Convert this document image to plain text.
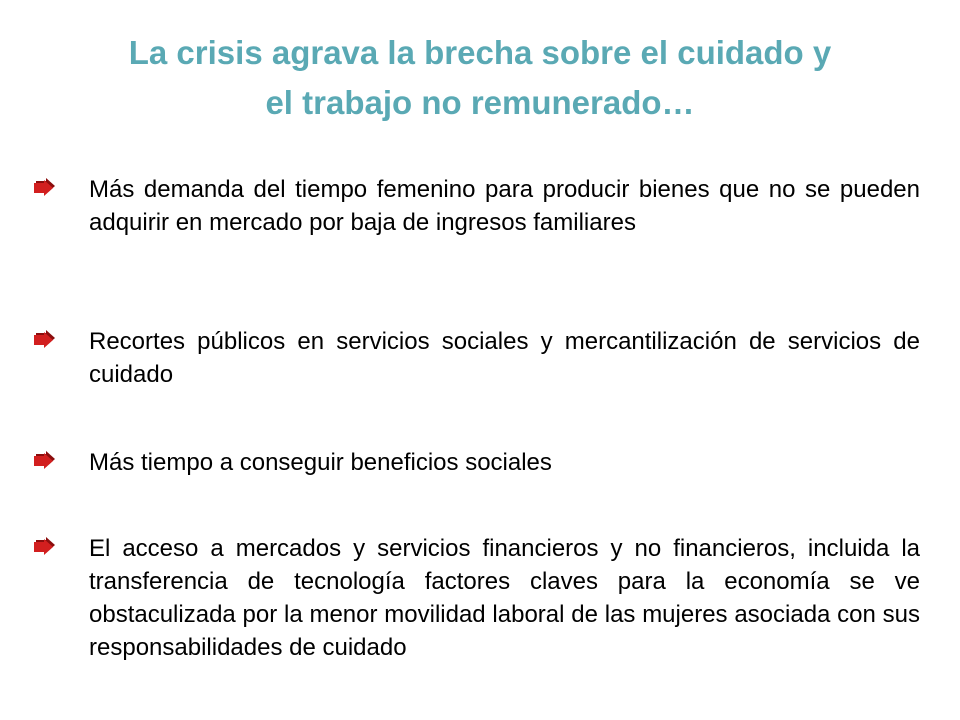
La crisis agrava la brecha sobre el cuidado y
el trabajo no remunerado…

Más demanda del tiempo femenino para producir bienes que no se pueden adquirir en mercado por baja de ingresos familiares

Recortes públicos en servicios sociales y mercantilización de servicios de cuidado

Más tiempo a conseguir beneficios sociales

El acceso a mercados y servicios financieros y no financieros, incluida la transferencia de tecnología factores claves para la economía se ve obstaculizada por la menor movilidad laboral de las mujeres asociada con sus responsabilidades de cuidado
